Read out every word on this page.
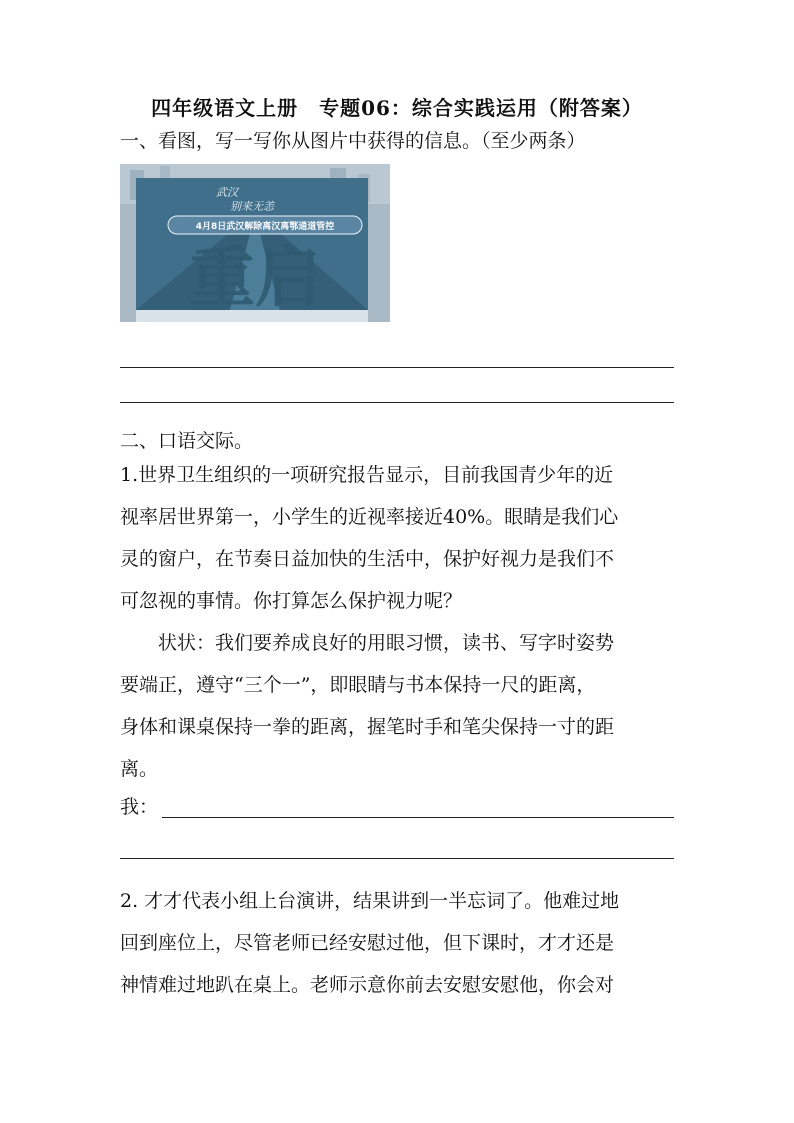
四年级语文上册　专题06：综合实践运用（附答案）
一、看图，写一写你从图片中获得的信息。（至少两条）
武汉
别来无恙
4月8日武汉解除离汉离鄂通道管控
重启
二、口语交际。

1.世界卫生组织的一项研究报告显示，目前我国青少年的近

视率居世界第一，小学生的近视率接近40%。眼睛是我们心

灵的窗户，在节奏日益加快的生活中，保护好视力是我们不

可忽视的事情。你打算怎么保护视力呢？

状状：我们要养成良好的用眼习惯，读书、写字时姿势

要端正，遵守“三个一”，即眼睛与书本保持一尺的距离，

身体和课桌保持一拳的距离，握笔时手和笔尖保持一寸的距

离。

我：

2. 才才代表小组上台演讲，结果讲到一半忘词了。他难过地

回到座位上，尽管老师已经安慰过他，但下课时，才才还是

神情难过地趴在桌上。老师示意你前去安慰安慰他，你会对
